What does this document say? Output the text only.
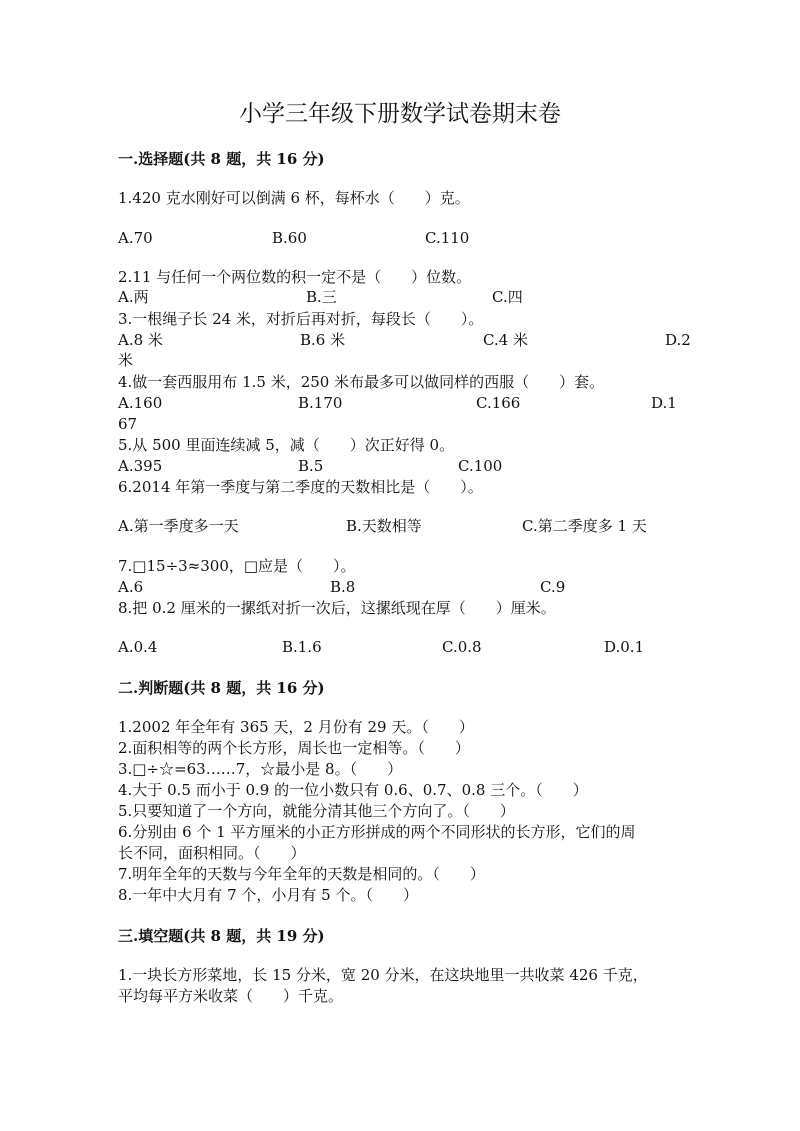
小学三年级下册数学试卷期末卷
一.选择题(共 8 题，共 16 分)
1.420 克水刚好可以倒满 6 杯，每杯水（　　）克。
A.70	B.60	C.110
2.11 与任何一个两位数的积一定不是（　　）位数。
A.两	B.三	C.四
3.一根绳子长 24 米，对折后再对折，每段长（　　）。
A.8 米	B.6 米	C.4 米	D.2
米
4.做一套西服用布 1.5 米，250 米布最多可以做同样的西服（　　）套。
A.160	B.170	C.166	D.1
67
5.从 500 里面连续减 5，减（　　）次正好得 0。
A.395	B.5	C.100
6.2014 年第一季度与第二季度的天数相比是（　　）。
A.第一季度多一天	B.天数相等	C.第二季度多 1 天
7.□15÷3≈300，□应是（　　）。
A.6	B.8	C.9
8.把 0.2 厘米的一摞纸对折一次后，这摞纸现在厚（　　）厘米。
A.0.4	B.1.6	C.0.8	D.0.1
二.判断题(共 8 题，共 16 分)
1.2002 年全年有 365 天，2 月份有 29 天。（　　）
2.面积相等的两个长方形，周长也一定相等。（　　）
3.□÷☆=63……7，☆最小是 8。（　　）
4.大于 0.5 而小于 0.9 的一位小数只有 0.6、0.7、0.8 三个。（　　）
5.只要知道了一个方向，就能分清其他三个方向了。（　　）
6.分别由 6 个 1 平方厘米的小正方形拼成的两个不同形状的长方形，它们的周
长不同，面积相同。（　　）
7.明年全年的天数与今年全年的天数是相同的。（　　）
8.一年中大月有 7 个，小月有 5 个。（　　）
三.填空题(共 8 题，共 19 分)
1.一块长方形菜地，长 15 分米，宽 20 分米，在这块地里一共收菜 426 千克，
平均每平方米收菜（　　）千克。
